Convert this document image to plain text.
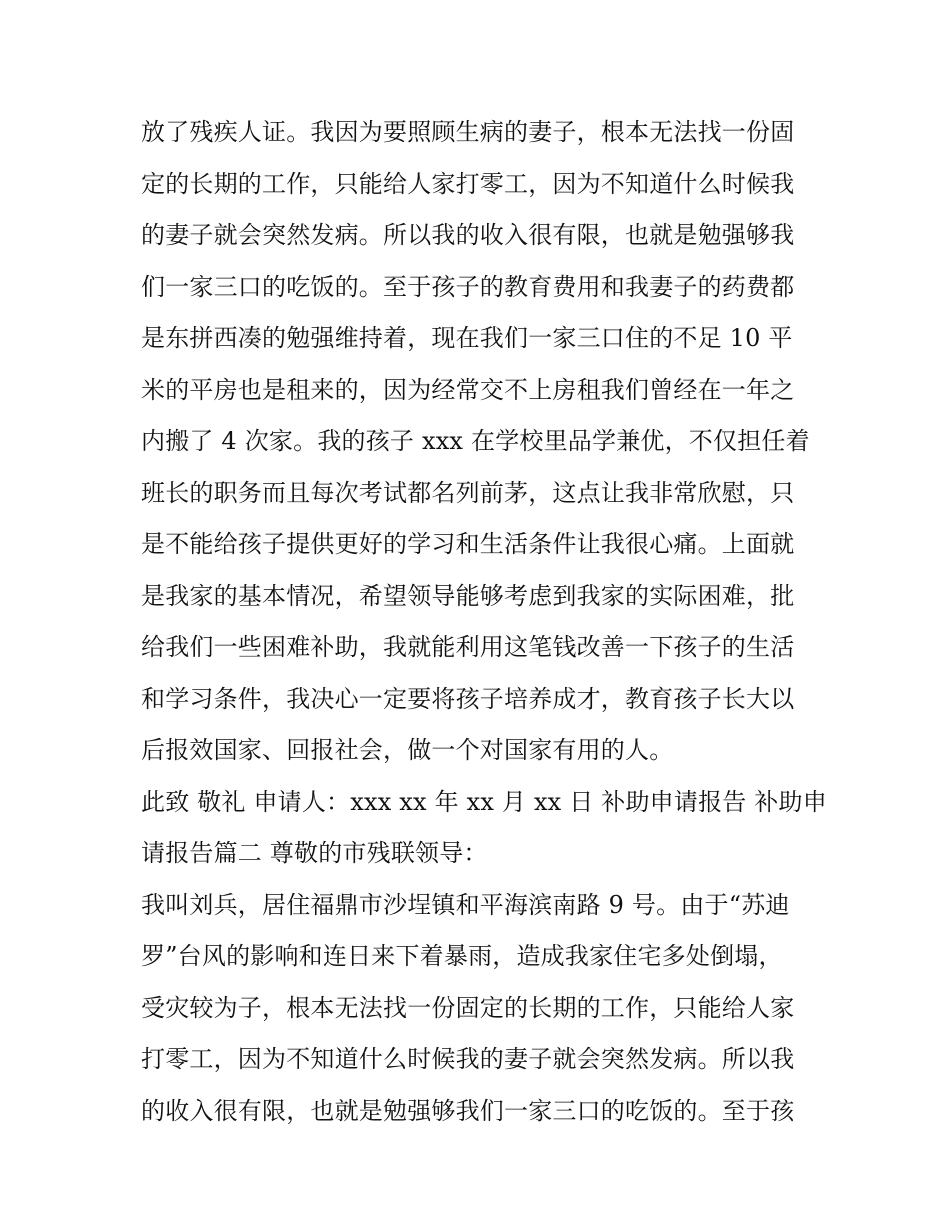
放了残疾人证。我因为要照顾生病的妻子，根本无法找一份固
定的长期的工作，只能给人家打零工，因为不知道什么时候我
的妻子就会突然发病。所以我的收入很有限，也就是勉强够我
们一家三口的吃饭的。至于孩子的教育费用和我妻子的药费都
是东拼西凑的勉强维持着，现在我们一家三口住的不足 10 平
米的平房也是租来的，因为经常交不上房租我们曾经在一年之
内搬了 4 次家。我的孩子 xxx 在学校里品学兼优，不仅担任着
班长的职务而且每次考试都名列前茅，这点让我非常欣慰，只
是不能给孩子提供更好的学习和生活条件让我很心痛。上面就
是我家的基本情况，希望领导能够考虑到我家的实际困难，批
给我们一些困难补助，我就能利用这笔钱改善一下孩子的生活
和学习条件，我决心一定要将孩子培养成才，教育孩子长大以
后报效国家、回报社会，做一个对国家有用的人。
此致 敬礼 申请人：xxx xx 年 xx 月 xx 日 补助申请报告 补助申
请报告篇二 尊敬的市残联领导：
我叫刘兵，居住福鼎市沙埕镇和平海滨南路 9 号。由于“苏迪
罗”台风的影响和连日来下着暴雨，造成我家住宅多处倒塌，
受灾较为子，根本无法找一份固定的长期的工作，只能给人家
打零工，因为不知道什么时候我的妻子就会突然发病。所以我
的收入很有限，也就是勉强够我们一家三口的吃饭的。至于孩
